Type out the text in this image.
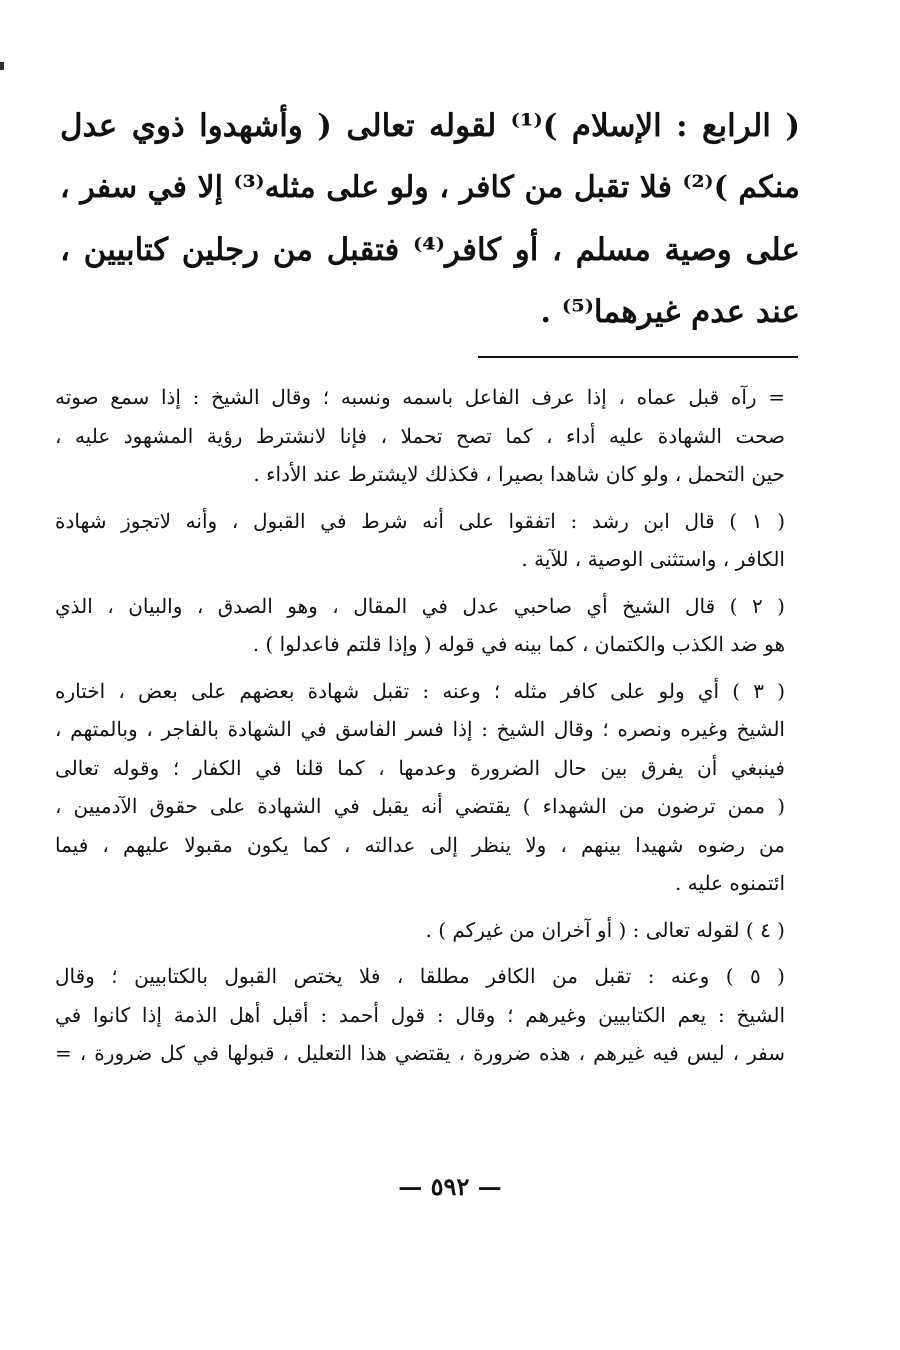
( الرابع : الإسلام )⁽¹⁾ لقوله تعالى ( وأشهدوا ذوي عدل
منكم )⁽²⁾ فلا تقبل من كافر ، ولو على مثله⁽³⁾ إلا في سفر ،
على وصية مسلم ، أو كافر⁽⁴⁾ فتقبل من رجلين كتابيين ،
عند عدم غيرهما⁽⁵⁾ .

= رآه قبل عماه ، إذا عرف الفاعل باسمه ونسبه ؛ وقال الشيخ : إذا سمع صوته
صحت الشهادة عليه أداء ، كما تصح تحملا ، فإنا لانشترط رؤية المشهود عليه ،
حين التحمل ، ولو كان شاهدا بصيرا ، فكذلك لايشترط عند الأداء .
( ١ ) قال ابن رشد : اتفقوا على أنه شرط في القبول ، وأنه لاتجوز شهادة
الكافر ، واستثنى الوصية ، للآية .
( ٢ ) قال الشيخ أي صاحبي عدل في المقال ، وهو الصدق ، والبيان ، الذي
هو ضد الكذب والكتمان ، كما بينه في قوله ( وإذا قلتم فاعدلوا ) .
( ٣ ) أي ولو على كافر مثله ؛ وعنه : تقبل شهادة بعضهم على بعض ، اختاره
الشيخ وغيره ونصره ؛ وقال الشيخ : إذا فسر الفاسق في الشهادة بالفاجر ، وبالمتهم ،
فينبغي أن يفرق بين حال الضرورة وعدمها ، كما قلنا في الكفار ؛ وقوله تعالى
( ممن ترضون من الشهداء ) يقتضي أنه يقبل في الشهادة على حقوق الآدميين ،
من رضوه شهيدا بينهم ، ولا ينظر إلى عدالته ، كما يكون مقبولا عليهم ، فيما
ائتمنوه عليه .
( ٤ ) لقوله تعالى : ( أو آخران من غيركم ) .
( ٥ ) وعنه : تقبل من الكافر مطلقا ، فلا يختص القبول بالكتابيين ؛ وقال
الشيخ : يعم الكتابيين وغيرهم ؛ وقال : قول أحمد : أقبل أهل الذمة إذا كانوا في
سفر ، ليس فيه غيرهم ، هذه ضرورة ، يقتضي هذا التعليل ، قبولها في كل ضرورة ، =
— ٥٩٢ —
